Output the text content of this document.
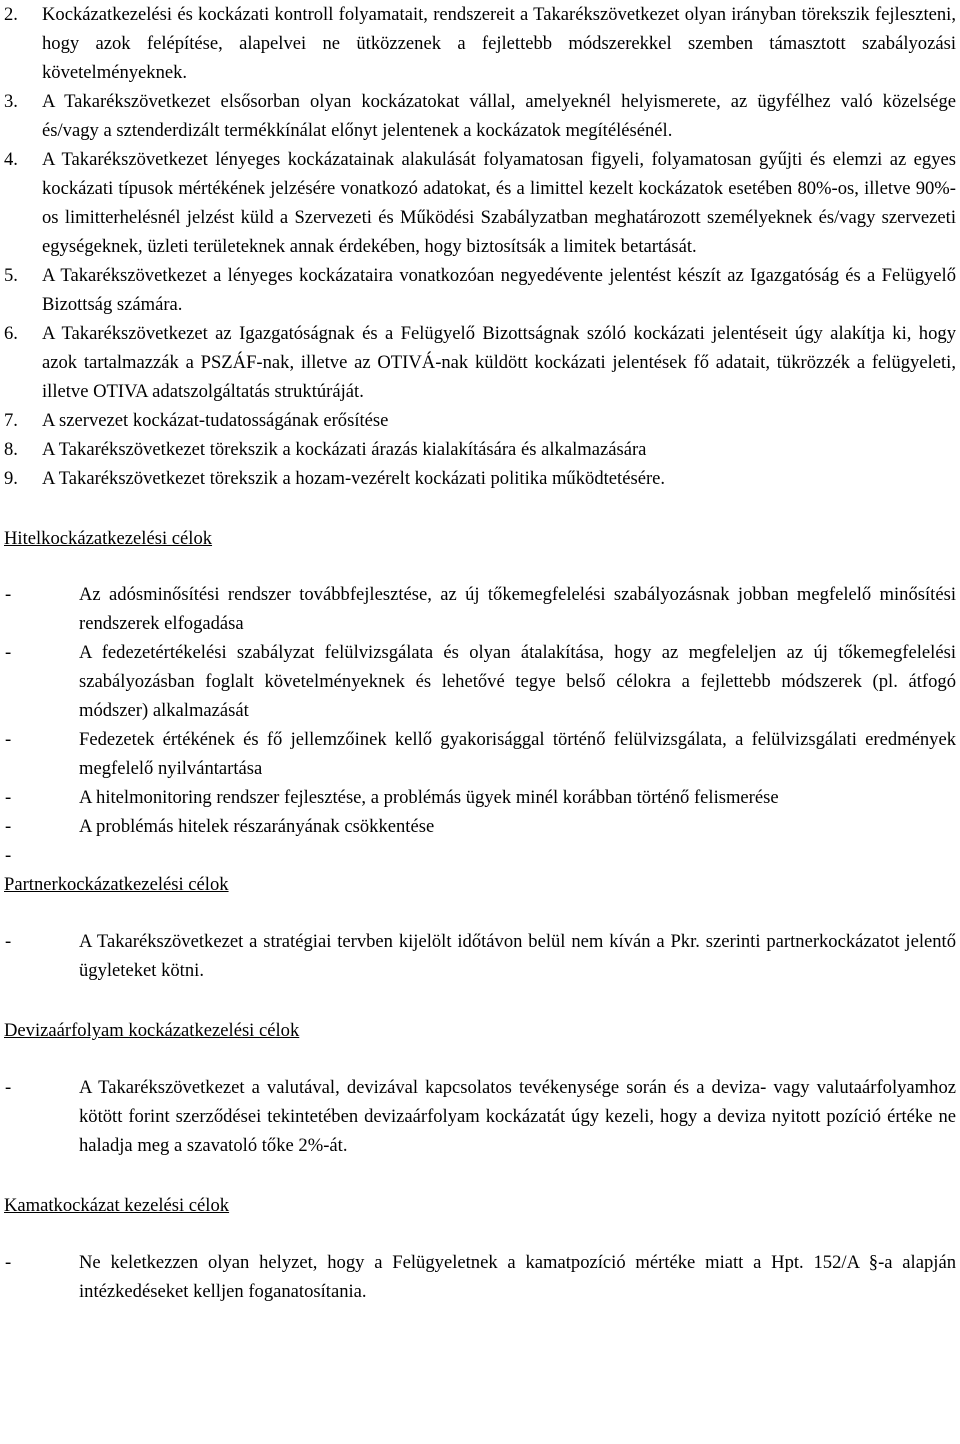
2.	Kockázatkezelési és kockázati kontroll folyamatait, rendszereit a Takarékszövetkezet olyan irányban törekszik fejleszteni, hogy azok felépítése, alapelvei ne ütközzenek a fejlettebb módszerekkel szemben támasztott szabályozási követelményeknek.
3.	A Takarékszövetkezet elsősorban olyan kockázatokat vállal, amelyeknél helyismerete, az ügyfélhez való közelsége és/vagy a sztenderdizált termékkínálat előnyt jelentenek a kockázatok megítélésénél.
4.	A Takarékszövetkezet lényeges kockázatainak alakulását folyamatosan figyeli, folyamatosan gyűjti és elemzi az egyes kockázati típusok mértékének jelzésére vonatkozó adatokat, és a limittel kezelt kockázatok esetében 80%-os, illetve 90%-os limitterhelésnél jelzést küld a Szervezeti és Működési Szabályzatban meghatározott személyeknek és/vagy szervezeti egységeknek, üzleti területeknek annak érdekében, hogy biztosítsák a limitek betartását.
5.	A Takarékszövetkezet a lényeges kockázataira vonatkozóan negyedévente jelentést készít az Igazgatóság és a Felügyelő Bizottság számára.
6.	A Takarékszövetkezet az Igazgatóságnak és a Felügyelő Bizottságnak szóló kockázati jelentéseit úgy alakítja ki, hogy azok tartalmazzák a PSZÁF-nak, illetve az OTIVÁ-nak küldött kockázati jelentések fő adatait, tükrözzék a felügyeleti, illetve OTIVA adatszolgáltatás struktúráját.
7.	A szervezet kockázat-tudatosságának erősítése
8.	A Takarékszövetkezet törekszik a kockázati árazás kialakítására és alkalmazására
9.	A Takarékszövetkezet törekszik a hozam-vezérelt kockázati politika működtetésére.
Hitelkockázatkezelési célok
-	Az adósminősítési rendszer továbbfejlesztése, az új tőkemegfelelési szabályozásnak jobban megfelelő minősítési rendszerek elfogadása
-	A fedezetértékelési szabályzat felülvizsgálata és olyan átalakítása, hogy az megfeleljen az új tőkemegfelelési szabályozásban foglalt követelményeknek és lehetővé tegye belső célokra a fejlettebb módszerek (pl. átfogó módszer) alkalmazását
-	Fedezetek értékének és fő jellemzőinek kellő gyakorisággal történő felülvizsgálata, a felülvizsgálati eredmények megfelelő nyilvántartása
-	A hitelmonitoring rendszer fejlesztése, a problémás ügyek minél korábban történő felismerése
-	A problémás hitelek részarányának csökkentése
-
Partnerkockázatkezelési célok
-	A Takarékszövetkezet a stratégiai tervben kijelölt időtávon belül nem kíván a Pkr. szerinti partnerkockázatot jelentő ügyleteket kötni.
Devizaárfolyam kockázatkezelési célok
-	A Takarékszövetkezet a valutával, devizával kapcsolatos tevékenysége során és a deviza- vagy valutaárfolyamhoz kötött forint szerződései tekintetében devizaárfolyam kockázatát úgy kezeli, hogy a deviza nyitott pozíció értéke ne haladja meg a szavatoló tőke 2%-át.
Kamatkockázat kezelési célok
-	Ne keletkezzen olyan helyzet, hogy a Felügyeletnek a kamatpozíció mértéke miatt a Hpt. 152/A §-a alapján intézkedéseket kelljen foganatosítania.
